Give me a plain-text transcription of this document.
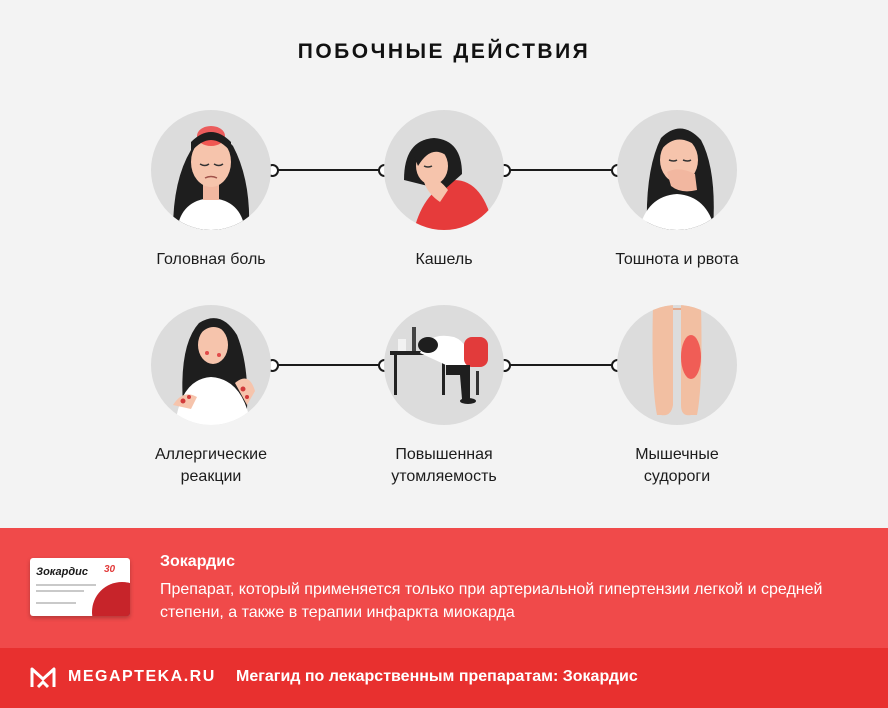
ПОБОЧНЫЕ ДЕЙСТВИЯ
Головная боль	Кашель	Тошнота и рвота
Аллергические реакции
Повышенная утомляемость
Мышечные судороги
Зокардис 30	Зокардис
Препарат, который применяется только при артериальной гипертензии легкой и средней степени, а также в терапии инфаркта миокарда
MEGAPTEKA.RU Мегагид по лекарственным препаратам: Зокардис
